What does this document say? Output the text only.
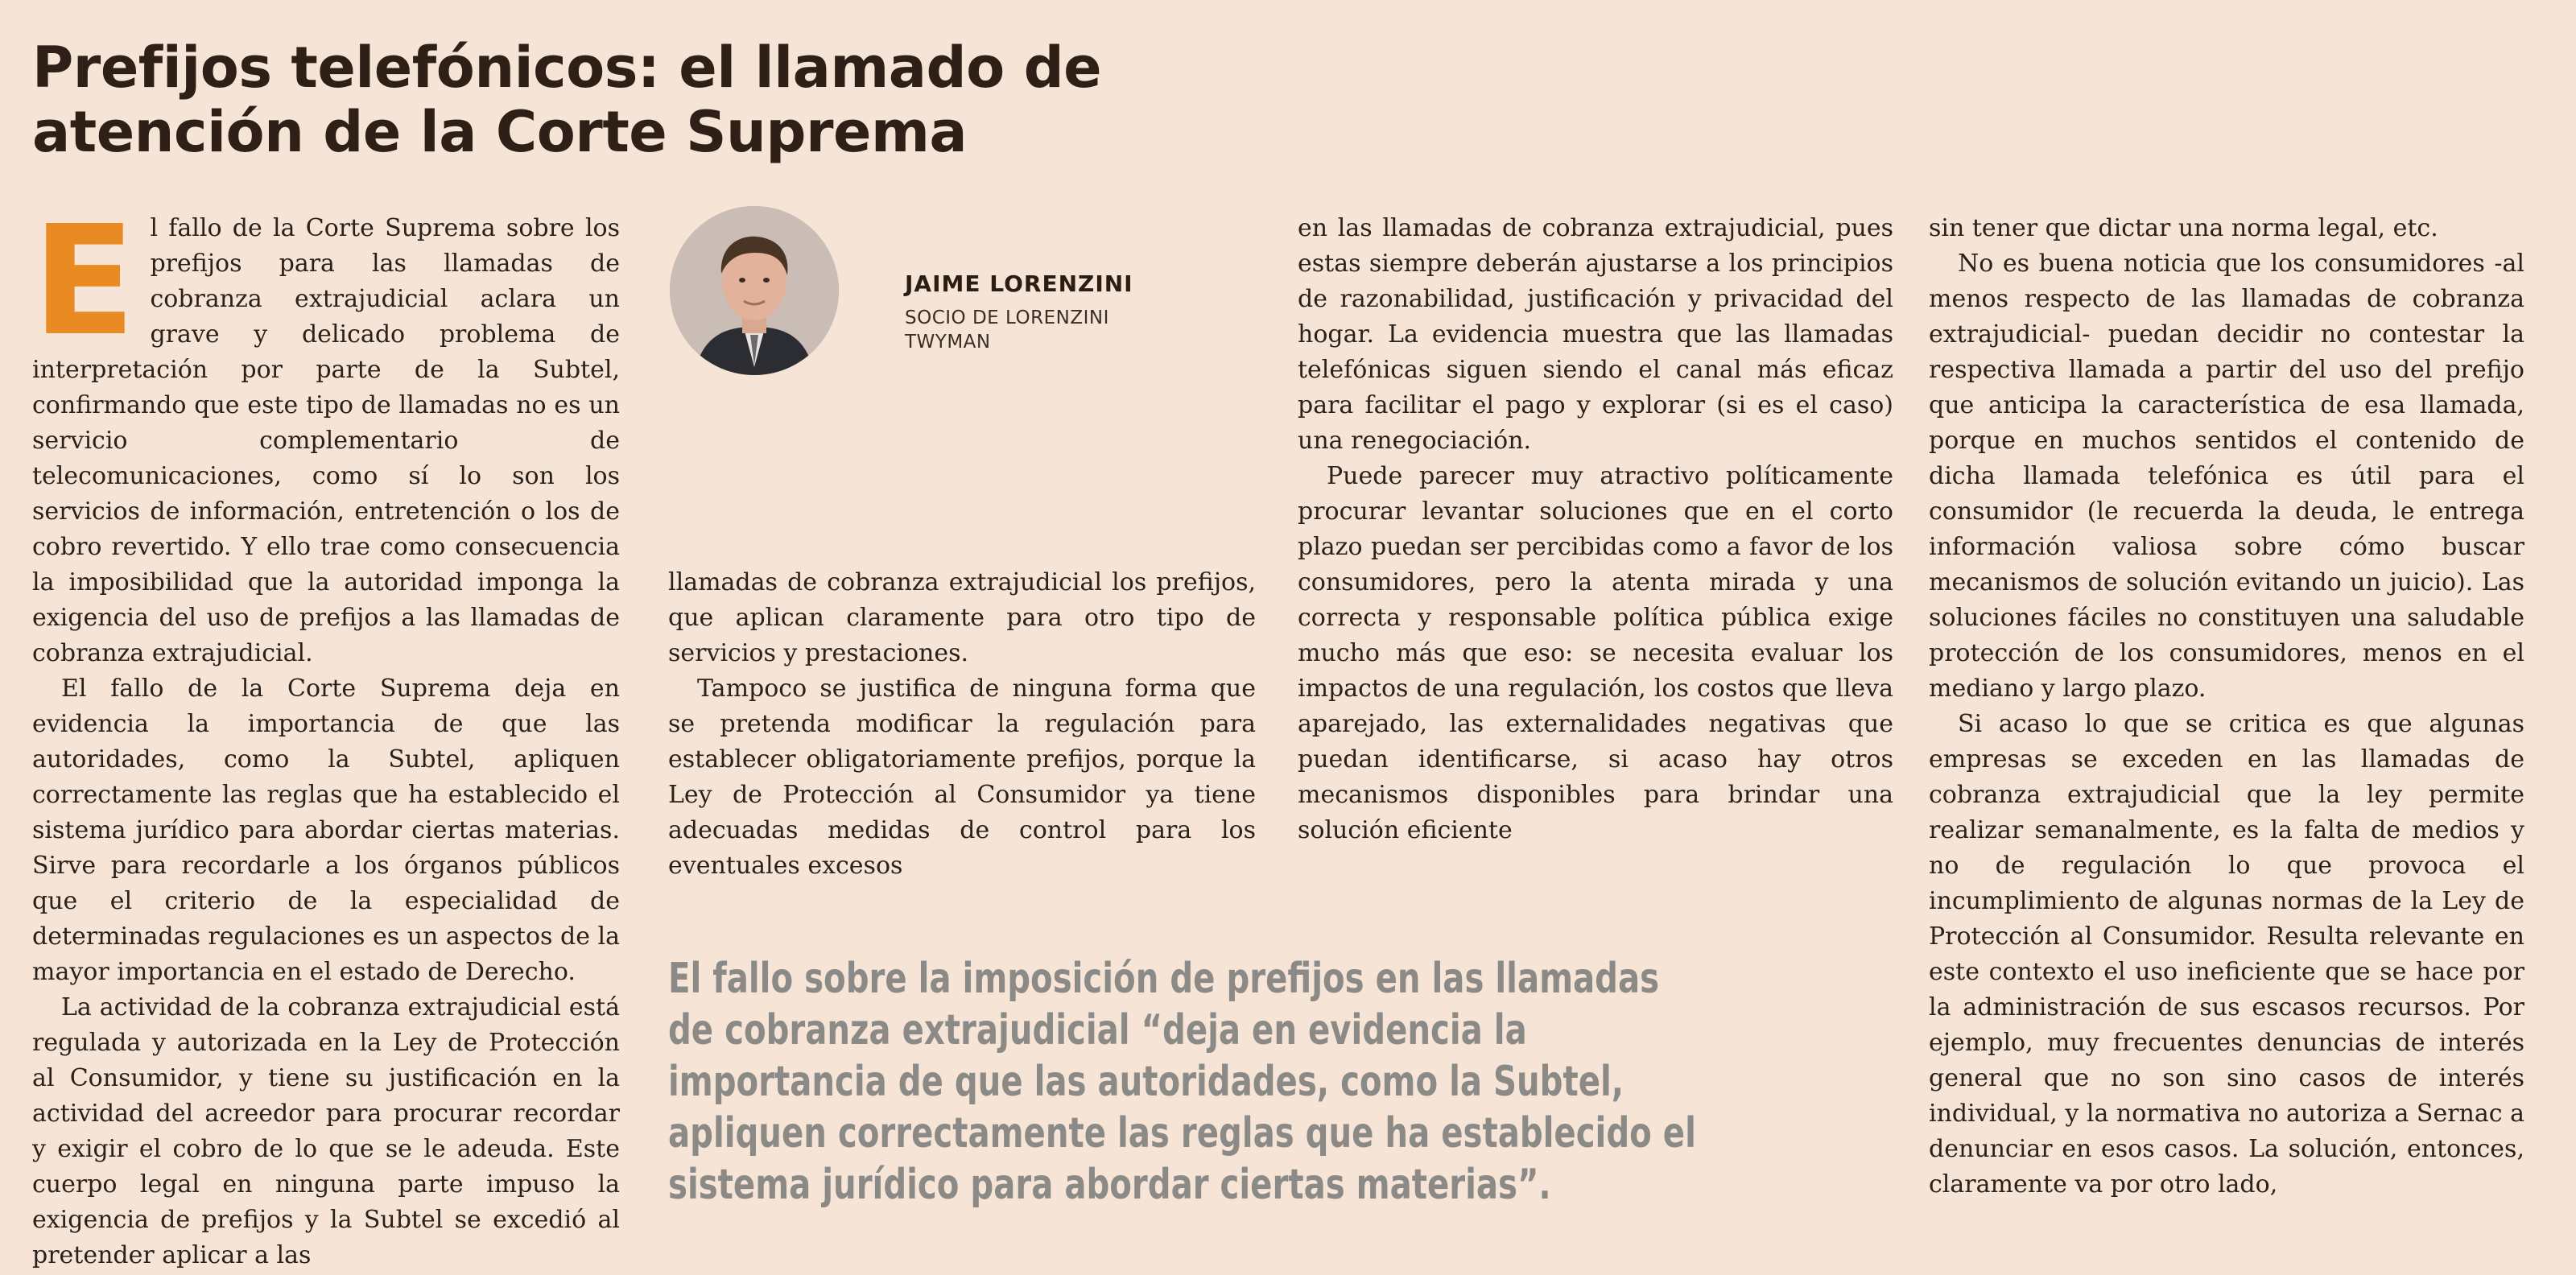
Prefijos telefónicos: el llamado de atención de la Corte Suprema
JAIME LORENZINI
SOCIO DE LORENZINI TWYMAN

El fallo de la Corte Suprema sobre los prefijos para las llamadas de cobranza extrajudicial aclara un grave y delicado problema de interpretación por parte de la Subtel, confirmando que este tipo de llamadas no es un servicio complementario de telecomunicaciones, como sí lo son los servicios de información, entretención o los de cobro revertido. Y ello trae como consecuencia la imposibilidad que la autoridad imponga la exigencia del uso de prefijos a las llamadas de cobranza extrajudicial.

El fallo de la Corte Suprema deja en evidencia la importancia de que las autoridades, como la Subtel, apliquen correctamente las reglas que ha establecido el sistema jurídico para abordar ciertas materias. Sirve para recordarle a los órganos públicos que el criterio de la especialidad de determinadas regulaciones es un aspectos de la mayor importancia en el estado de Derecho.

La actividad de la cobranza extrajudicial está regulada y autorizada en la Ley de Protección al Consumidor, y tiene su justificación en la actividad del acreedor para procurar recordar y exigir el cobro de lo que se le adeuda. Este cuerpo legal en ninguna parte impuso la exigencia de prefijos y la Subtel se excedió al pretender aplicar a las

llamadas de cobranza extrajudicial los prefijos, que aplican claramente para otro tipo de servicios y prestaciones.

Tampoco se justifica de ninguna forma que se pretenda modificar la regulación para establecer obligatoriamente prefijos, porque la Ley de Protección al Consumidor ya tiene adecuadas medidas de control para los eventuales excesos

en las llamadas de cobranza extrajudicial, pues estas siempre deberán ajustarse a los principios de razonabilidad, justificación y privacidad del hogar. La evidencia muestra que las llamadas telefónicas siguen siendo el canal más eficaz para facilitar el pago y explorar (si es el caso) una renegociación.

Puede parecer muy atractivo políticamente procurar levantar soluciones que en el corto plazo puedan ser percibidas como a favor de los consumidores, pero la atenta mirada y una correcta y responsable política pública exige mucho más que eso: se necesita evaluar los impactos de una regulación, los costos que lleva aparejado, las externalidades negativas que puedan identificarse, si acaso hay otros mecanismos disponibles para brindar una solución eficiente

sin tener que dictar una norma legal, etc.

No es buena noticia que los consumidores -al menos respecto de las llamadas de cobranza extrajudicial- puedan decidir no contestar la respectiva llamada a partir del uso del prefijo que anticipa la característica de esa llamada, porque en muchos sentidos el contenido de dicha llamada telefónica es útil para el consumidor (le recuerda la deuda, le entrega información valiosa sobre cómo buscar mecanismos de solución evitando un juicio). Las soluciones fáciles no constituyen una saludable protección de los consumidores, menos en el mediano y largo plazo.

Si acaso lo que se critica es que algunas empresas se exceden en las llamadas de cobranza extrajudicial que la ley permite realizar semanalmente, es la falta de medios y no de regulación lo que provoca el incumplimiento de algunas normas de la Ley de Protección al Consumidor. Resulta relevante en este contexto el uso ineficiente que se hace por la administración de sus escasos recursos. Por ejemplo, muy frecuentes denuncias de interés general que no son sino casos de interés individual, y la normativa no autoriza a Sernac a denunciar en esos casos. La solución, entonces, claramente va por otro lado,

El fallo sobre la imposición de prefijos en las llamadas de cobranza extrajudicial “deja en evidencia la importancia de que las autoridades, como la Subtel, apliquen correctamente las reglas que ha establecido el sistema jurídico para abordar ciertas materias”.
